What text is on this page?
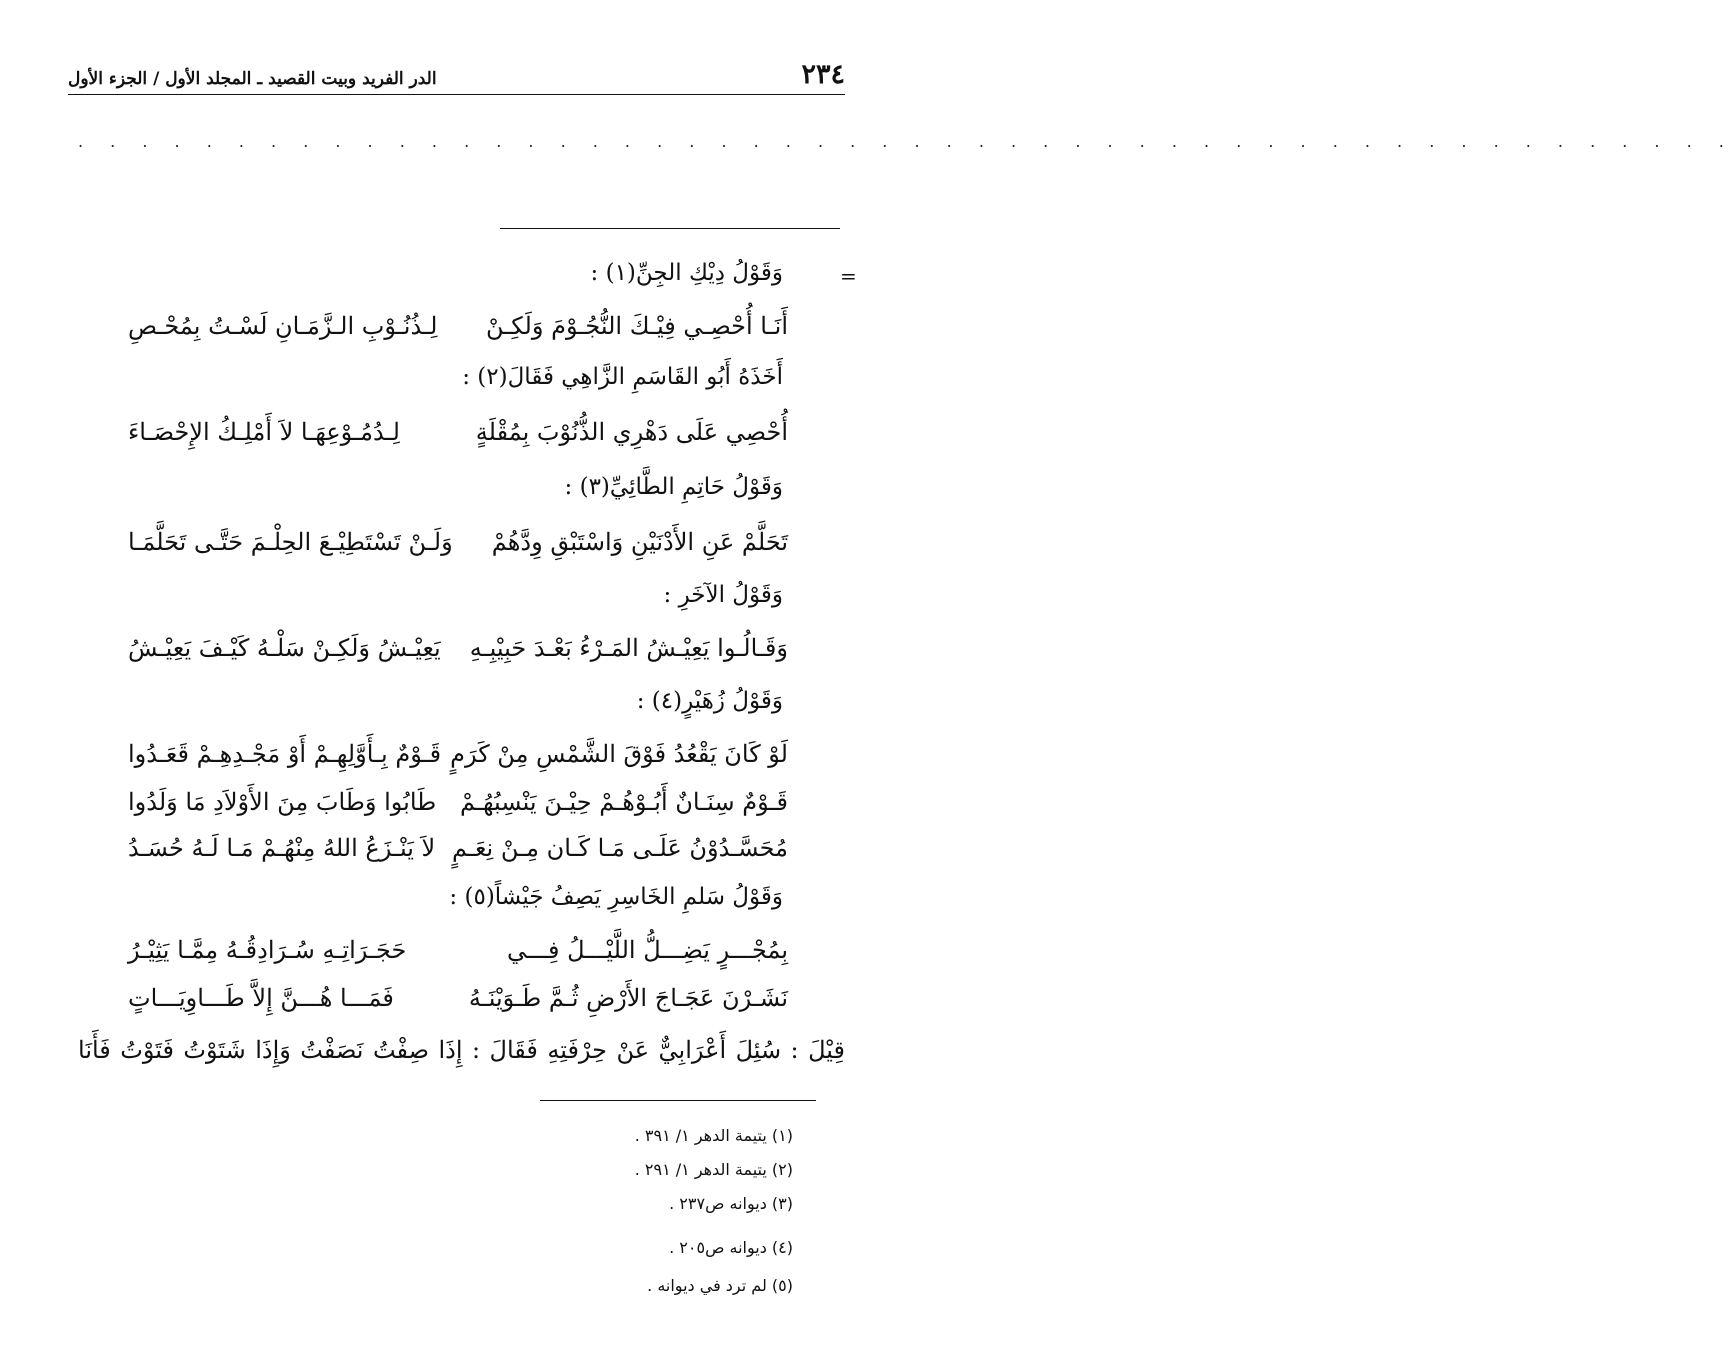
٢٣٤
الدر الفريد وبيت القصيد ـ المجلد الأول / الجزء الأول
. . . . . . . . . . . . . . . . . . . . . . . . . . . . . . . . . . . . . . . . . . . . . . . . . . . .
=
وَقَوْلُ دِيْكِ الجِنِّ(١) :
أَنَـا أُحْصِـي فِيْـكَ النُّجُـوْمَ وَلَكِـنْ
لِـذُنُـوْبِ الـزَّمَـانِ لَسْـتُ بِمُحْـصِ
أَخَذَهُ أَبُو القَاسَمِ الزَّاهِي فَقَالَ(٢) :
أُحْصِي عَلَى دَهْرِي الذُّنُوْبَ بِمُقْلَةٍ
لِـدُمُـوْعِهَـا لاَ أَمْلِـكُ الإِحْصَـاءَ
وَقَوْلُ حَاتِمِ الطَّائِيِّ(٣) :
تَحَلَّمْ عَنِ الأَدْنَيْنِ وَاسْتَبْقِ وِدَّهُمْ
وَلَـنْ تَسْتَطِيْـعَ الحِلْـمَ حَتَّـى تَحَلَّمَـا
وَقَوْلُ الآخَرِ :
وَقَـالُـوا يَعِيْـشُ المَـرْءُ بَعْـدَ حَبِيْبِـهِ
يَعِيْـشُ وَلَكِـنْ سَلْـهُ كَيْـفَ يَعِيْـشُ
وَقَوْلُ زُهَيْرٍ(٤) :
لَوْ كَانَ يَقْعُدُ فَوْقَ الشَّمْسِ مِنْ كَرَمٍ
قَـوْمٌ بِـأَوَّلِهِـمْ أَوْ مَجْـدِهِـمْ قَعَـدُوا
قَـوْمٌ سِنَـانٌ أَبُـوْهُـمْ حِيْـنَ يَنْسِبُهُـمْ
طَابُوا وَطَابَ مِنَ الأَوْلاَدِ مَا وَلَدُوا
مُحَسَّـدُوْنُ عَلَـى مَـا كَـان مِـنْ نِعَـمٍ
لاَ يَنْـزَعُ اللهُ مِنْهُـمْ مَـا لَـهُ حُسَـدُ
وَقَوْلُ سَلمِ الخَاسِرِ يَصِفُ جَيْشاً(٥) :
بِمُجْـــرٍ يَضِـــلُّ اللَّيْـــلُ فِـــي
حَجَـرَاتِـهِ سُـرَادِقُـهُ مِمَّـا يَثِيْـرُ
نَشَـرْنَ عَجَـاجَ الأَرْضِ ثُـمَّ طَـوَيْنَـهُ
فَمَـــا هُـــنَّ إِلاَّ طَـــاوِيَـــاتٍ
قِيْلَ : سُئِلَ أَعْرَابِيٌّ عَنْ حِرْفَتِهِ فَقَالَ : إِذَا صِفْتُ نَصَفْتُ وَإِذَا شَتَوْتُ فَتَوْتُ فَأَنَا
(١) يتيمة الدهر ١/ ٣٩١ .
(٢) يتيمة الدهر ١/ ٢٩١ .
(٣) ديوانه ص٢٣٧ .
(٤) ديوانه ص٢٠٥ .
(٥) لم ترد في ديوانه .
